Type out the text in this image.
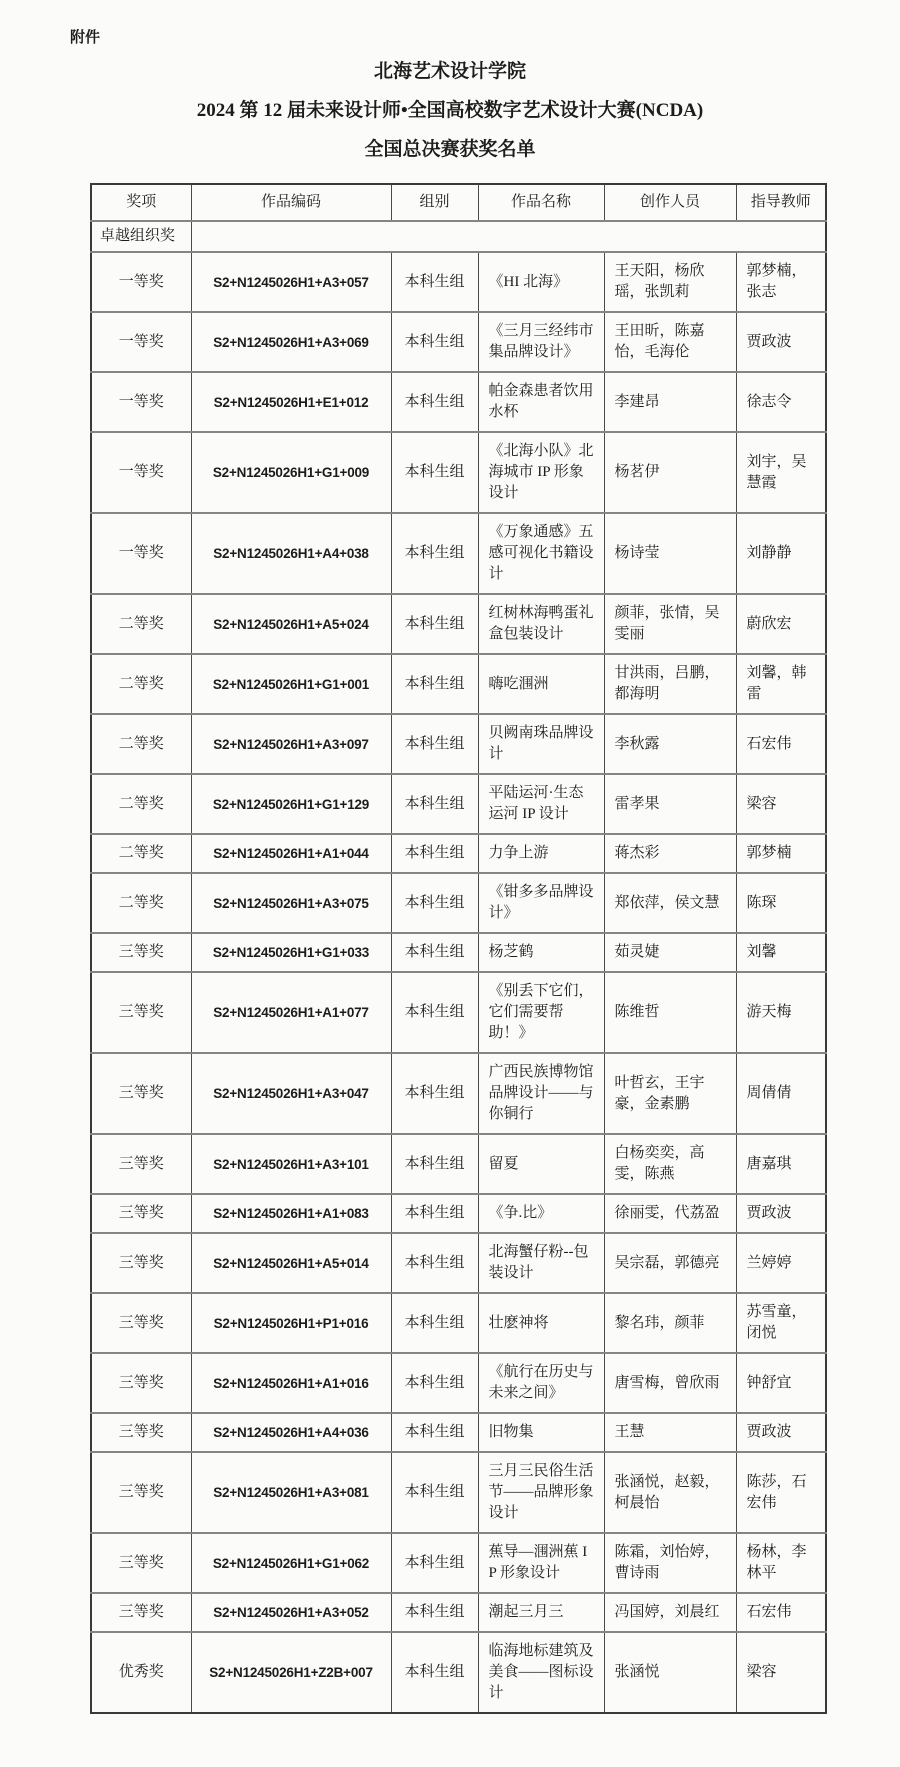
附件
北海艺术设计学院
2024 第 12 届未来设计师•全国高校数字艺术设计大赛(NCDA)
全国总决赛获奖名单
奖项	作品编码	组别	作品名称	创作人员	指导教师
卓越组织奖					
一等奖	S2+N1245026H1+A3+057	本科生组	《HI 北海》	王天阳，杨欣瑶，张凯莉	郭梦楠，张志
一等奖	S2+N1245026H1+A3+069	本科生组	《三月三经纬市集品牌设计》	王田昕，陈嘉怡，毛海伦	贾政波
一等奖	S2+N1245026H1+E1+012	本科生组	帕金森患者饮用水杯	李建昂	徐志令
一等奖	S2+N1245026H1+G1+009	本科生组	《北海小队》北海城市 IP 形象设计	杨茗伊	刘宇，吴慧霞
一等奖	S2+N1245026H1+A4+038	本科生组	《万象通感》五感可视化书籍设计	杨诗莹	刘静静
二等奖	S2+N1245026H1+A5+024	本科生组	红树林海鸭蛋礼盒包装设计	颜菲，张情，吴雯丽	蔚欣宏
二等奖	S2+N1245026H1+G1+001	本科生组	嗨吃涠洲	甘洪雨，吕鹏，都海明	刘馨，韩雷
二等奖	S2+N1245026H1+A3+097	本科生组	贝阙南珠品牌设计	李秋露	石宏伟
二等奖	S2+N1245026H1+G1+129	本科生组	平陆运河·生态运河 IP 设计	雷孝果	梁容
二等奖	S2+N1245026H1+A1+044	本科生组	力争上游	蒋杰彩	郭梦楠
二等奖	S2+N1245026H1+A3+075	本科生组	《钳多多品牌设计》	郑依萍，侯文慧	陈琛
三等奖	S2+N1245026H1+G1+033	本科生组	杨芝鹤	茹灵婕	刘馨
三等奖	S2+N1245026H1+A1+077	本科生组	《别丢下它们，它们需要帮助！》	陈维哲	游天梅
三等奖	S2+N1245026H1+A3+047	本科生组	广西民族博物馆品牌设计——与你铜行	叶哲玄，王宇豪，金素鹏	周倩倩
三等奖	S2+N1245026H1+A3+101	本科生组	留夏	白杨奕奕，高雯，陈燕	唐嘉琪
三等奖	S2+N1245026H1+A1+083	本科生组	《争.比》	徐丽雯，代荔盈	贾政波
三等奖	S2+N1245026H1+A5+014	本科生组	北海蟹仔粉--包装设计	吴宗磊，郭德亮	兰婷婷
三等奖	S2+N1245026H1+P1+016	本科生组	壮麽神将	黎名玮，颜菲	苏雪童，闭悦
三等奖	S2+N1245026H1+A1+016	本科生组	《航行在历史与未来之间》	唐雪梅，曾欣雨	钟舒宜
三等奖	S2+N1245026H1+A4+036	本科生组	旧物集	王慧	贾政波
三等奖	S2+N1245026H1+A3+081	本科生组	三月三民俗生活节——品牌形象设计	张涵悦，赵毅，柯晨怡	陈莎，石宏伟
三等奖	S2+N1245026H1+G1+062	本科生组	蕉导—涠洲蕉 IP 形象设计	陈霜，刘怡婷，曹诗雨	杨林，李林平
三等奖	S2+N1245026H1+A3+052	本科生组	潮起三月三	冯国婷，刘晨红	石宏伟
优秀奖	S2+N1245026H1+Z2B+007	本科生组	临海地标建筑及美食——图标设计	张涵悦	梁容
